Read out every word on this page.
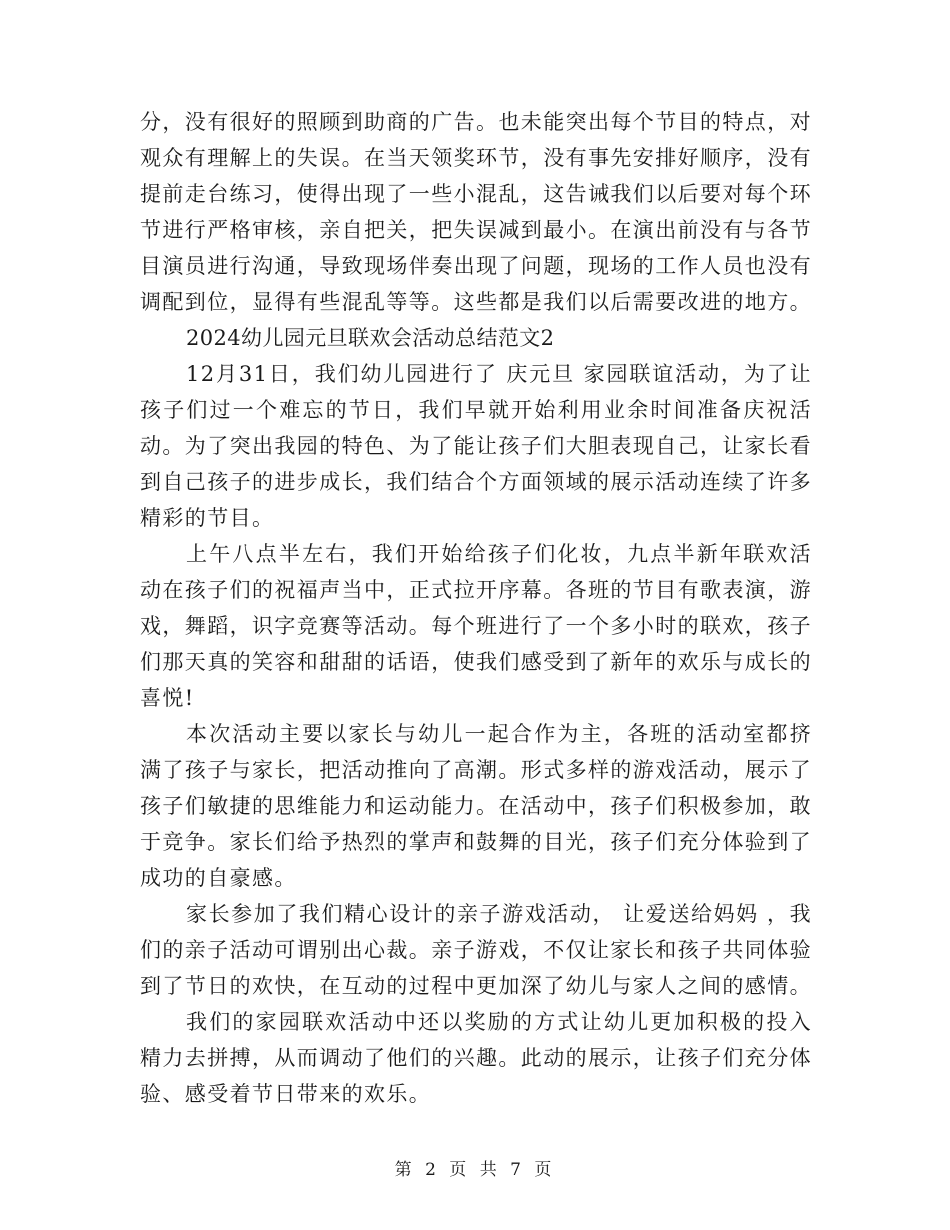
分，没有很好的照顾到助商的广告。也未能突出每个节目的特点，对观众有理解上的失误。在当天领奖环节，没有事先安排好顺序，没有提前走台练习，使得出现了一些小混乱，这告诫我们以后要对每个环节进行严格审核，亲自把关，把失误减到最小。在演出前没有与各节目演员进行沟通，导致现场伴奏出现了问题，现场的工作人员也没有调配到位，显得有些混乱等等。这些都是我们以后需要改进的地方。

2024幼儿园元旦联欢会活动总结范文2

12月31日，我们幼儿园进行了 庆元旦 家园联谊活动，为了让孩子们过一个难忘的节日，我们早就开始利用业余时间准备庆祝活动。为了突出我园的特色、为了能让孩子们大胆表现自己，让家长看到自己孩子的进步成长，我们结合个方面领域的展示活动连续了许多精彩的节目。

上午八点半左右，我们开始给孩子们化妆，九点半新年联欢活动在孩子们的祝福声当中，正式拉开序幕。各班的节目有歌表演，游戏，舞蹈，识字竞赛等活动。每个班进行了一个多小时的联欢，孩子们那天真的笑容和甜甜的话语，使我们感受到了新年的欢乐与成长的喜悦!

本次活动主要以家长与幼儿一起合作为主，各班的活动室都挤满了孩子与家长，把活动推向了高潮。形式多样的游戏活动，展示了孩子们敏捷的思维能力和运动能力。在活动中，孩子们积极参加，敢于竞争。家长们给予热烈的掌声和鼓舞的目光，孩子们充分体验到了成功的自豪感。

家长参加了我们精心设计的亲子游戏活动， 让爱送给妈妈 ，我们的亲子活动可谓别出心裁。亲子游戏，不仅让家长和孩子共同体验到了节日的欢快，在互动的过程中更加深了幼儿与家人之间的感情。

我们的家园联欢活动中还以奖励的方式让幼儿更加积极的投入精力去拼搏，从而调动了他们的兴趣。此动的展示，让孩子们充分体验、感受着节日带来的欢乐。

第 2 页 共 7 页
